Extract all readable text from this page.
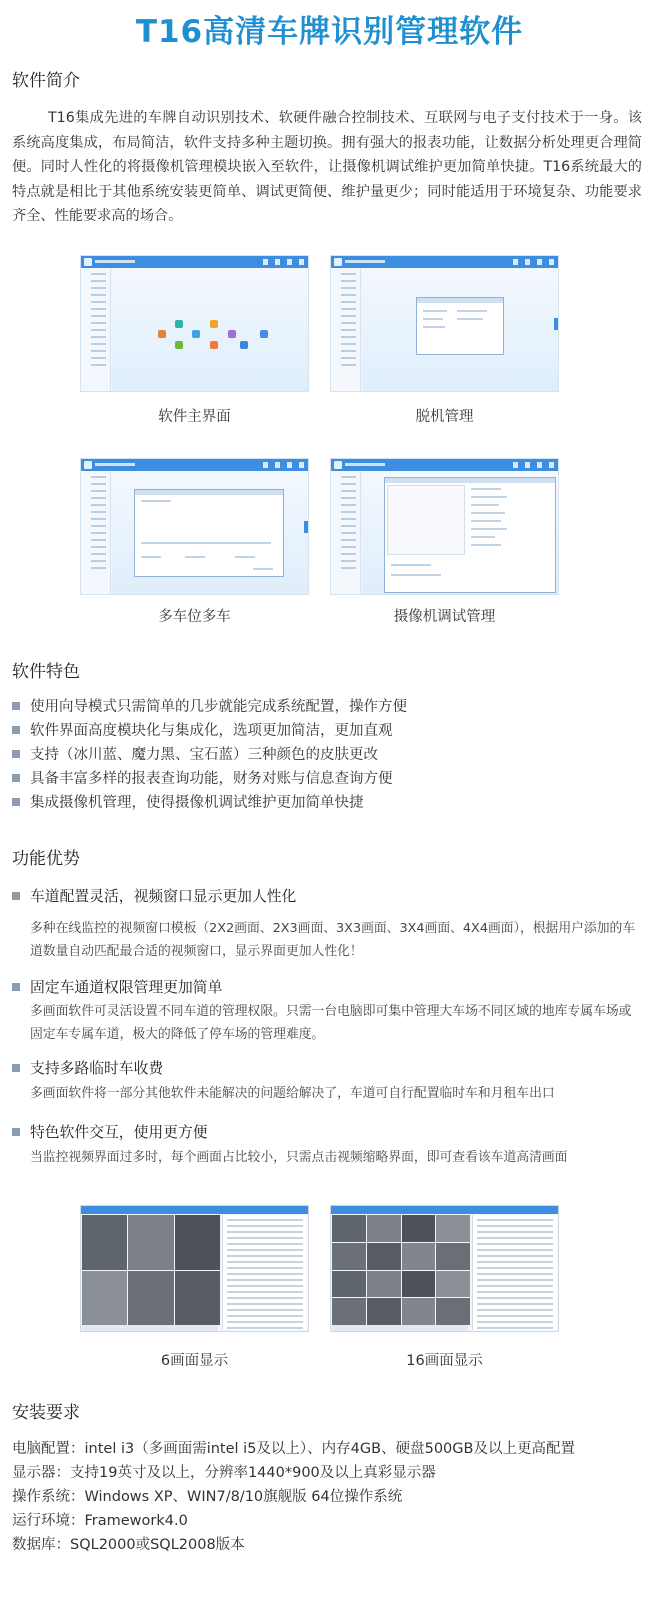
T16高清车牌识别管理软件
软件简介
T16集成先进的车牌自动识别技术、软硬件融合控制技术、互联网与电子支付技术于一身。该系统高度集成，布局简洁，软件支持多种主题切换。拥有强大的报表功能，让数据分析处理更合理简便。同时人性化的将摄像机管理模块嵌入至软件，让摄像机调试维护更加简单快捷。T16系统最大的特点就是相比于其他系统安装更简单、调试更简便、维护量更少；同时能适用于环境复杂、功能要求齐全、性能要求高的场合。
软件主界面	脱机管理
多车位多车	摄像机调试管理
软件特色
使用向导模式只需简单的几步就能完成系统配置，操作方便
软件界面高度模块化与集成化，选项更加简洁，更加直观
支持（冰川蓝、魔力黑、宝石蓝）三种颜色的皮肤更改
具备丰富多样的报表查询功能，财务对账与信息查询方便
集成摄像机管理，使得摄像机调试维护更加简单快捷
功能优势
车道配置灵活，视频窗口显示更加人性化
多种在线监控的视频窗口模板（2X2画面、2X3画面、3X3画面、3X4画面、4X4画面），根据用户添加的车道数量自动匹配最合适的视频窗口，显示界面更加人性化！
固定车通道权限管理更加简单
多画面软件可灵活设置不同车道的管理权限。只需一台电脑即可集中管理大车场不同区域的地库专属车场或固定车专属车道，极大的降低了停车场的管理难度。
支持多路临时车收费
多画面软件将一部分其他软件未能解决的问题给解决了，车道可自行配置临时车和月租车出口
特色软件交互，使用更方便
当监控视频界面过多时，每个画面占比较小，只需点击视频缩略界面，即可查看该车道高清画面
6画面显示	16画面显示
安装要求
电脑配置：intel i3（多画面需intel i5及以上）、内存4GB、硬盘500GB及以上更高配置
显示器：支持19英寸及以上，分辨率1440*900及以上真彩显示器
操作系统：Windows XP、WIN7/8/10旗舰版 64位操作系统
运行环境：Framework4.0
数据库：SQL2000或SQL2008版本
